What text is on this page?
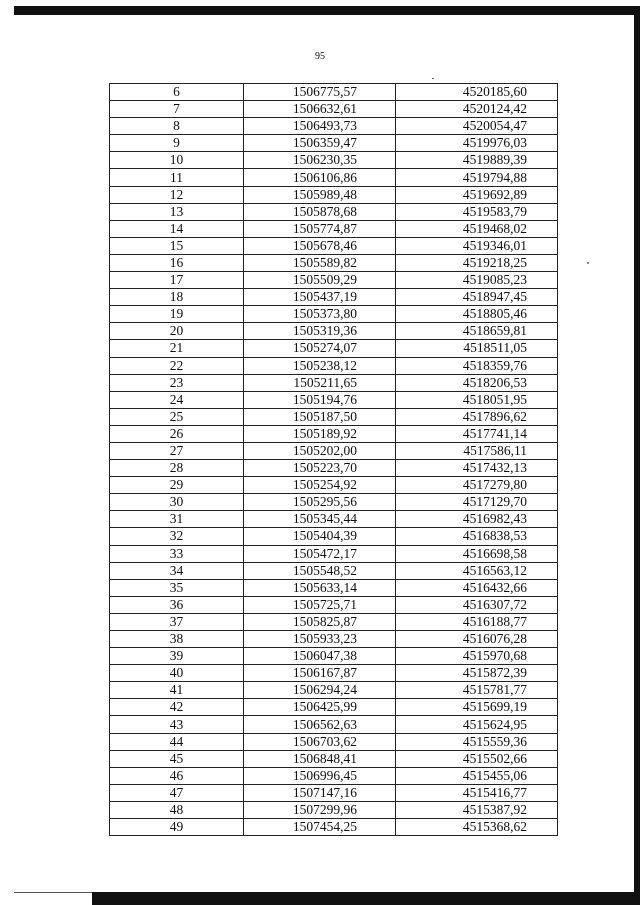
95
6	1506775,57	4520185,60
7	1506632,61	4520124,42
8	1506493,73	4520054,47
9	1506359,47	4519976,03
10	1506230,35	4519889,39
11	1506106,86	4519794,88
12	1505989,48	4519692,89
13	1505878,68	4519583,79
14	1505774,87	4519468,02
15	1505678,46	4519346,01
16	1505589,82	4519218,25
17	1505509,29	4519085,23
18	1505437,19	4518947,45
19	1505373,80	4518805,46
20	1505319,36	4518659,81
21	1505274,07	4518511,05
22	1505238,12	4518359,76
23	1505211,65	4518206,53
24	1505194,76	4518051,95
25	1505187,50	4517896,62
26	1505189,92	4517741,14
27	1505202,00	4517586,11
28	1505223,70	4517432,13
29	1505254,92	4517279,80
30	1505295,56	4517129,70
31	1505345,44	4516982,43
32	1505404,39	4516838,53
33	1505472,17	4516698,58
34	1505548,52	4516563,12
35	1505633,14	4516432,66
36	1505725,71	4516307,72
37	1505825,87	4516188,77
38	1505933,23	4516076,28
39	1506047,38	4515970,68
40	1506167,87	4515872,39
41	1506294,24	4515781,77
42	1506425,99	4515699,19
43	1506562,63	4515624,95
44	1506703,62	4515559,36
45	1506848,41	4515502,66
46	1506996,45	4515455,06
47	1507147,16	4515416,77
48	1507299,96	4515387,92
49	1507454,25	4515368,62
